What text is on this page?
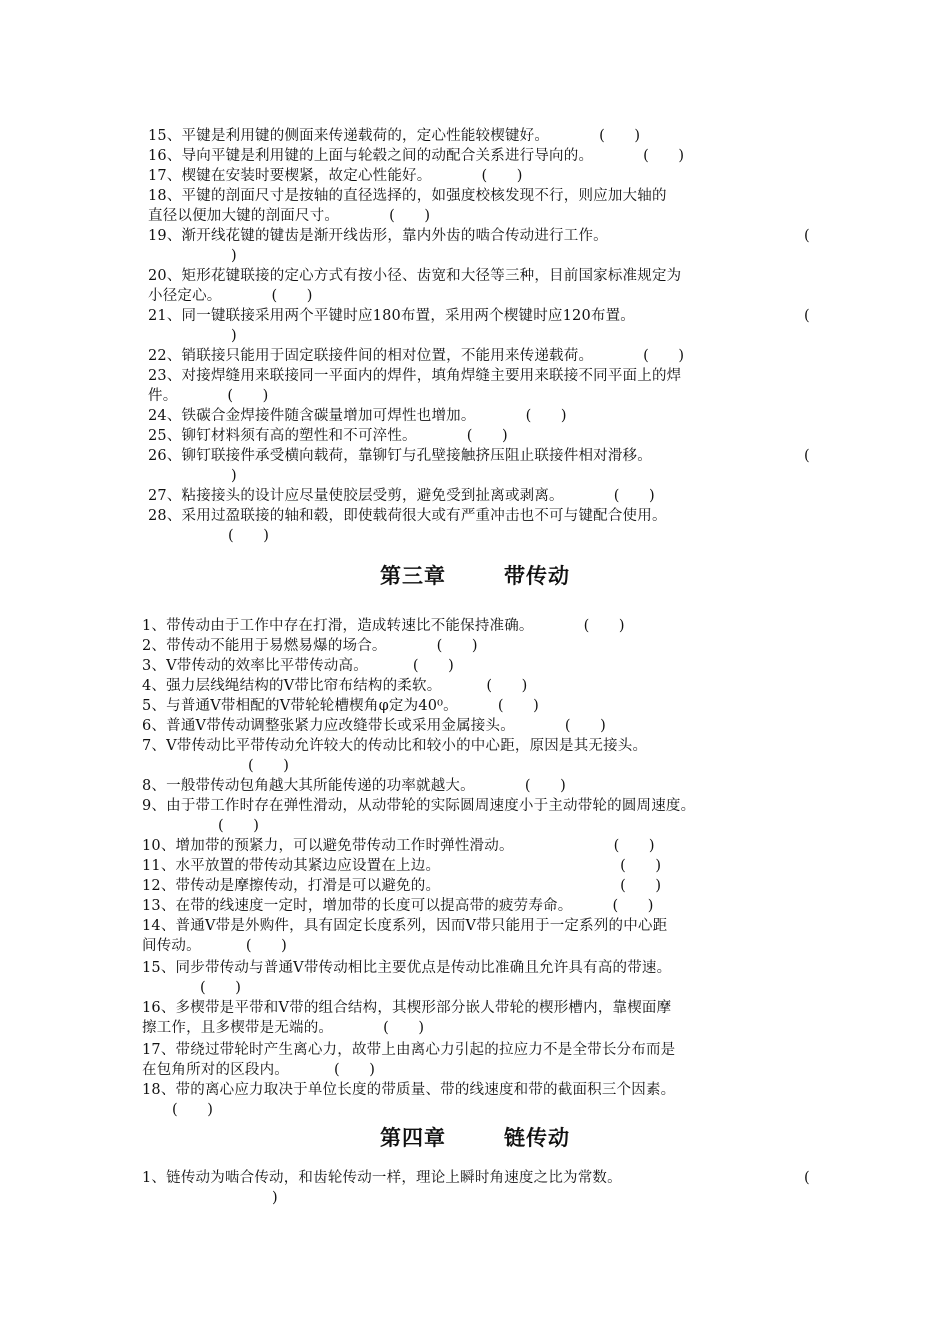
15、平键是利用键的侧面来传递载荷的，定心性能较楔键好。	(　　)
16、导向平键是利用键的上面与轮毂之间的动配合关系进行导向的。	(　　)
17、楔键在安装时要楔紧，故定心性能好。	(　　)
18、平键的剖面尺寸是按轴的直径选择的，如强度校核发现不行，则应加大轴的
直径以便加大键的剖面尺寸。	(　　)
19、渐开线花键的键齿是渐开线齿形，靠内外齿的啮合传动进行工作。	(
)
20、矩形花键联接的定心方式有按小径、齿宽和大径等三种，目前国家标准规定为
小径定心。	(　　)
21、同一键联接采用两个平键时应180布置，采用两个楔键时应120布置。	(
)
22、销联接只能用于固定联接件间的相对位置，不能用来传递载荷。	(　　)
23、对接焊缝用来联接同一平面内的焊件，填角焊缝主要用来联接不同平面上的焊
件。	(　　)
24、铁碳合金焊接件随含碳量增加可焊性也增加。	(　　)
25、铆钉材料须有高的塑性和不可淬性。	(　　)
26、铆钉联接件承受横向载荷，靠铆钉与孔壁接触挤压阻止联接件相对滑移。	(
)
27、粘接接头的设计应尽量使胶层受剪，避免受到扯离或剥离。	(　　)
28、采用过盈联接的轴和毂，即使载荷很大或有严重冲击也不可与键配合使用。
(　　)
第三章	带传动
1、带传动由于工作中存在打滑，造成转速比不能保持准确。	(　　)
2、带传动不能用于易燃易爆的场合。	(　　)
3、V带传动的效率比平带传动高。	(　　)
4、强力层线绳结构的V带比帘布结构的柔软。	(　　)
5、与普通V带相配的V带轮轮槽楔角φ定为40⁰。	(　　)
6、普通V带传动调整张紧力应改缝带长或采用金属接头。	(　　)
7、V带传动比平带传动允许较大的传动比和较小的中心距，原因是其无接头。
(　　)
8、一般带传动包角越大其所能传递的功率就越大。	(　　)
9、由于带工作时存在弹性滑动，从动带轮的实际圆周速度小于主动带轮的圆周速度。
(　　)
10、增加带的预紧力，可以避免带传动工作时弹性滑动。	(　　)
11、水平放置的带传动其紧边应设置在上边。	(　　)
12、带传动是摩擦传动，打滑是可以避免的。	(　　)
13、在带的线速度一定时，增加带的长度可以提高带的疲劳寿命。	(　　)
14、普通V带是外购件，具有固定长度系列，因而V带只能用于一定系列的中心距
间传动。	(　　)
15、同步带传动与普通V带传动相比主要优点是传动比准确且允许具有高的带速。
(　　)
16、多楔带是平带和V带的组合结构，其楔形部分嵌人带轮的楔形槽内，靠楔面摩
擦工作，且多楔带是无端的。	(　　)
17、带绕过带轮时产生离心力，故带上由离心力引起的拉应力不是全带长分布而是
在包角所对的区段内。	(　　)
18、带的离心应力取决于单位长度的带质量、带的线速度和带的截面积三个因素。
(　　)
第四章	链传动
1、链传动为啮合传动，和齿轮传动一样，理论上瞬时角速度之比为常数。	(
)
